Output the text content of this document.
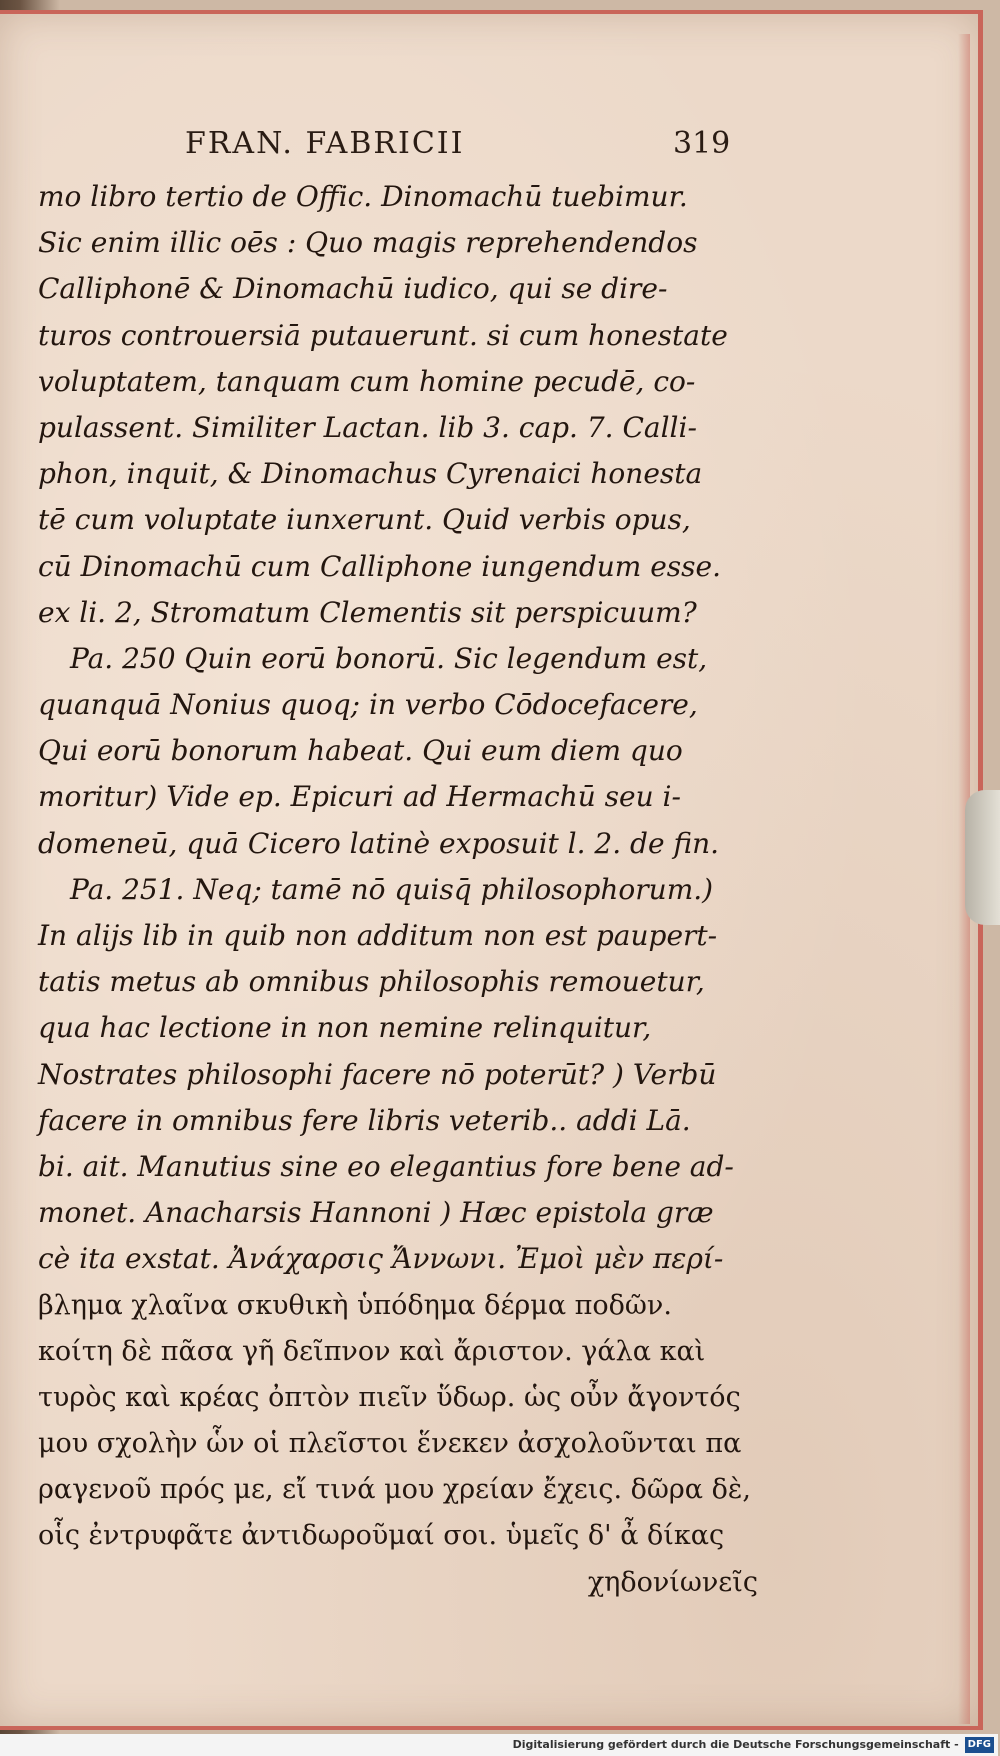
FRAN. FABRICII	319
mo libro tertio de Offic. Dinomachū tuebimur.
Sic enim illic oēs : Quo magis reprehendendos
Calliphonē & Dinomachū iudico, qui se dire-
turos controuersiā putauerunt. si cum honestate
voluptatem, tanquam cum homine pecudē, co-
pulassent. Similiter Lactan. lib 3. cap. 7. Calli-
phon, inquit, & Dinomachus Cyrenaici honesta
tē cum voluptate iunxerunt. Quid verbis opus,
cū Dinomachū cum Calliphone iungendum esse.
ex li. 2, Stromatum Clementis sit perspicuum?
Pa. 250 Quin eorū bonorū. Sic legendum est,
quanquā Nonius quoq; in verbo Cōdocefacere,
Qui eorū bonorum habeat. Qui eum diem quo
moritur) Vide ep. Epicuri ad Hermachū seu i-
domeneū, quā Cicero latinè exposuit l. 2. de fin.
Pa. 251. Neq; tamē nō quisq̄ philosophorum.)
In alijs lib in quib non additum non est paupert-
tatis metus ab omnibus philosophis remouetur,
qua hac lectione in non nemine relinquitur,
Nostrates philosophi facere nō poterūt? ) Verbū
facere in omnibus fere libris veterib.. addi Lā.
bi. ait. Manutius sine eo elegantius fore bene ad-
monet. Anacharsis Hannoni ) Hæc epistola græ
cè ita exstat. Ἀνάχαρσις Ἄννωνι. Ἐμοὶ μὲν περί-
βλημα χλαῖνα σκυθικὴ ὑπόδημα δέρμα ποδῶν.
κοίτη δὲ πᾶσα γῆ δεῖπνον καὶ ἄριστον. γάλα καὶ
τυρὸς καὶ κρέας ὀπτὸν πιεῖν ὕδωρ. ὡς οὖν ἄγοντός
μου σχολὴν ὧν οἱ πλεῖστοι ἕνεκεν ἀσχολοῦνται πα
ραγενοῦ πρός με, εἴ τινά μου χρείαν ἔχεις. δῶρα δὲ,
οἷς ἐντρυφᾶτε ἀντιδωροῦμαί σοι. ὑμεῖς δ' ἆ δίκας
χηδονίωνεῖς
Digitalisierung gefördert durch die Deutsche Forschungsgemeinschaft - DFG
